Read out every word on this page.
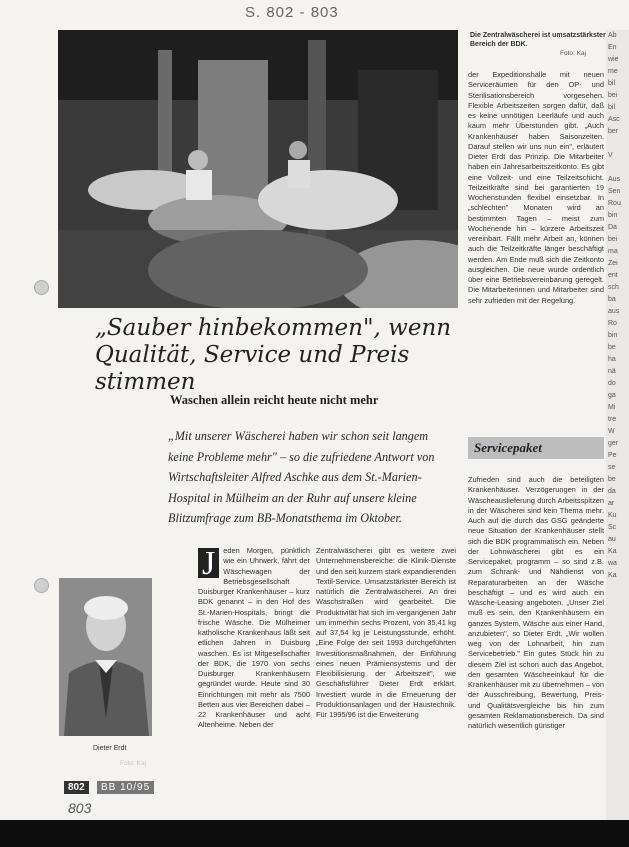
S. 802 - 803
Die Zentralwäscherei ist umsatzstärkster Bereich der BDK.
Foto: Kaj
„Sauber hinbekommen", wenn Qualität, Service und Preis stimmen
Waschen allein reicht heute nicht mehr
„Mit unserer Wäscherei haben wir schon seit langem keine Probleme mehr" – so die zufriedene Antwort von Wirtschaftsleiter Alfred Aschke aus dem St.-Marien-Hospital in Mülheim an der Ruhr auf unsere kleine Blitzumfrage zum BB-Monatsthema im Oktober.
Dieter Erdt
Foto: Kaj
J	eden Morgen, pünktlich wie ein Uhrwerk, fährt der Wäschewagen der Betriebsgesellschaft Duisburger Krankenhäuser – kurz BDK genannt – in den Hof des St.-Marien-Hospitals, bringt die frische Wäsche. Die Mülheimer katholische Krankenhaus läßt seit etlichen Jahren in Duisburg waschen. Es ist Mitgesellschafter der BDK, die 1970 von sechs Duisburger Krankenhäusern gegründet wurde. Heute sind 30 Einrichtungen mit mehr als 7500 Betten aus vier Bereichen dabei – 22 Krankenhäuser und acht Altenheime. Neben der
Zentralwäscherei gibt es weitere zwei Unternehmensbereiche: die Klinik-Dienste und den seit kurzem stark expandierenden Textil-Service. Umsatzstärkster Bereich ist natürlich die Zentralwäscherei. An drei Waschstraßen wird gearbeitet. Die Produktivität hat sich im vergangenen Jahr um immerhin sechs Prozent, von 35,41 kg auf 37,54 kg je Leistungsstunde, erhöht. „Eine Folge der seit 1993 durchgeführten Investitionsmaßnahmen, der Einführung eines neuen Prämiensystems und der Flexibilisierung der Arbeitszeit", wie Geschäftsführer Dieter Erdt erklärt. Investiert wurde in die Erneuerung der Produktionsanlagen und der Haustechnik. Für 1995/96 ist die Erweiterung
der Expeditionshalle mit neuen Serviceräumen für den OP- und Sterilisationsbereich vorgesehen. Flexible Arbeitszeiten sorgen dafür, daß es keine unnötigen Leerläufe und auch kaum mehr Überstunden gibt. „Auch Krankenhäuser haben Saisonzeiten. Darauf stellen wir uns nun ein", erläutert Dieter Erdt das Prinzip. Die Mitarbeiter haben ein Jahresarbeitszeitkonto. Es gibt eine Vollzeit- und eine Teilzeitschicht. Teilzeitkräfte sind bei garantierten 19 Wochenstunden flexibel einsetzbar. In „schlechten" Monaten wird an bestimmten Tagen – meist zum Wochenende hin – kürzere Arbeitszeit vereinbart. Fällt mehr Arbeit an, können auch die Teilzeitkräfte länger beschäftigt werden. Am Ende muß sich die Zeitkonto ausgleichen. Die neue wurde ordentlich über eine Betriebsvereinbarung geregelt. Die Mitarbeiterinnen und Mitarbeiter sind sehr zufrieden mit der Regelung.
Servicepaket
Zufrieden sind auch die beteiligten Krankenhäuser. Verzögerungen in der Wäscheauslieferung durch Arbeitsspitzen in der Wäscherei sind kein Thema mehr. Auch auf die durch das GSG geänderte neue Situation der Krankenhäuser stellt sich die BDK programmatisch ein. Neben der Lohnwäscherei gibt es ein Servicepaket, programm – so sind z.B. zum Schrank- und Nähdienst von Reparaturarbeiten an der Wäsche beschäftigt – und es wird auch ein Wäsche-Leasing angeboten. „Unser Ziel muß es sein, den Krankenhäusern ein ganzes System, Wäsche aus einer Hand, anzubieten", so Dieter Erdt. „Wir wollen weg von der Lohnarbeit, hin zum Servicebetrieb." Ein gutes Stück hin zu diesem Ziel ist schon auch das Angebot, den gesamten Wäscheeinkauf für die Krankenhäuser mit zu übernehmen – von der Ausschreibung, Bewertung, Preis- und Qualitätsvergleiche bis hin zum gesamten Reklamationsbereich. Da sind natürlich wesentlich günstiger
Ab
En
wie
me
bil
bei
bil
Asc
ber

V

Aus
Sen
Rou
bin
Da
bei
ma
Zei
ent
sch
ba
aus
Ro
bin
be
ha
nä
do
ga
Mi
tre
W
ger
Pe
se
be
da
ar
Ku
Sc
au
Ka
wa
Ka
802	BB 10/95
803
